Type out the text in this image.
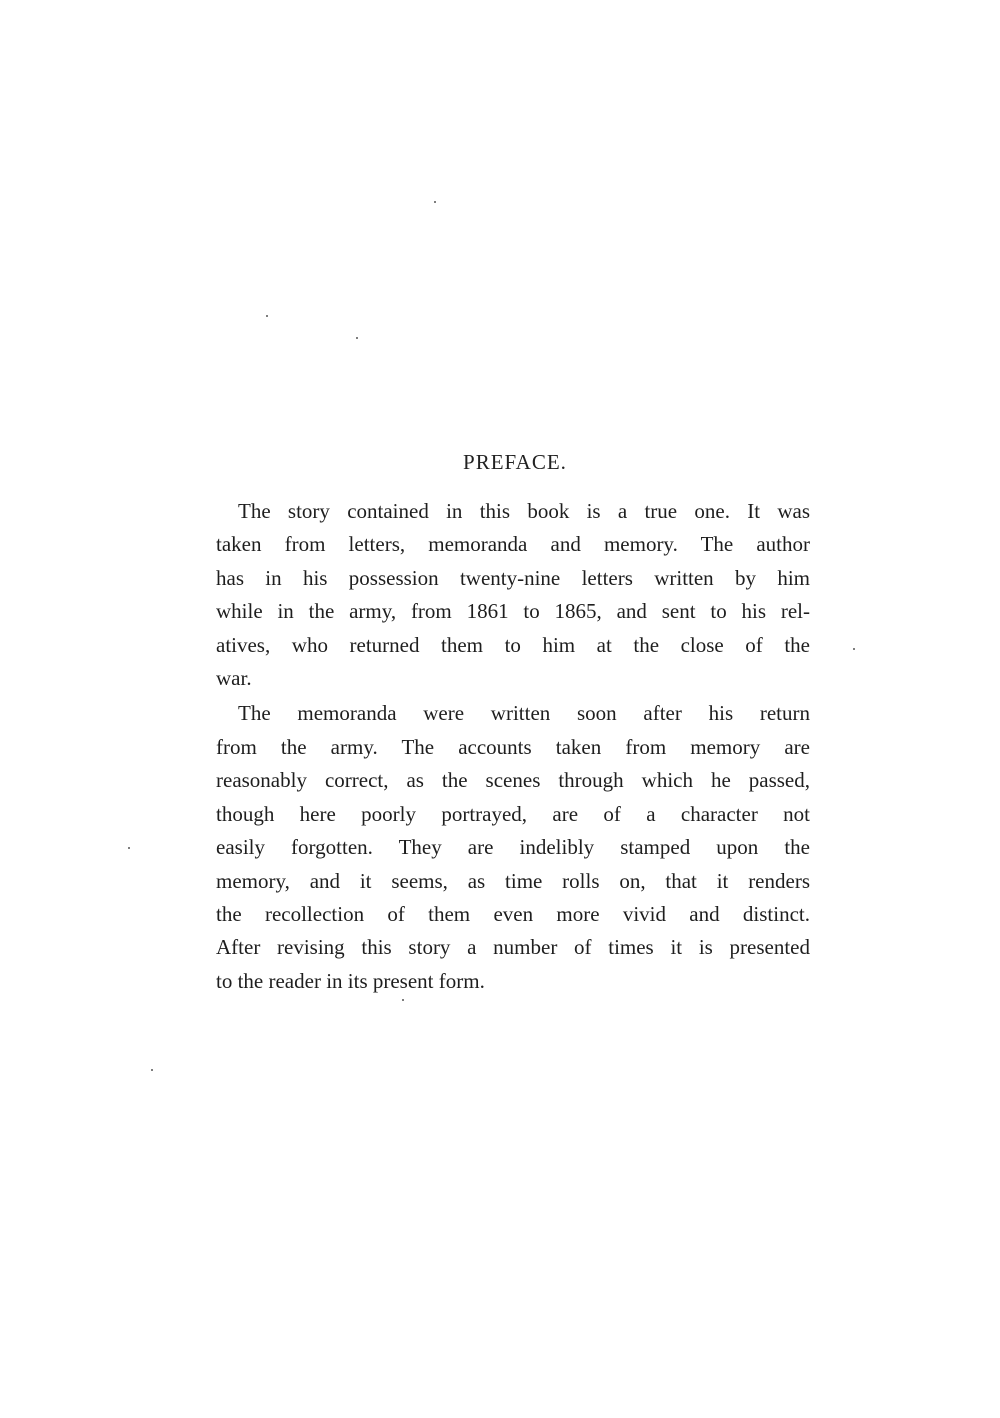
PREFACE.
The story contained in this book is a true one. It was
taken from letters, memoranda and memory. The author
has in his possession twenty-nine letters written by him
while in the army, from 1861 to 1865, and sent to his rel-
atives, who returned them to him at the close of the
war.
The memoranda were written soon after his return
from the army. The accounts taken from memory are
reasonably correct, as the scenes through which he passed,
though here poorly portrayed, are of a character not
easily forgotten. They are indelibly stamped upon the
memory, and it seems, as time rolls on, that it renders
the recollection of them even more vivid and distinct.
After revising this story a number of times it is presented
to the reader in its present form.
